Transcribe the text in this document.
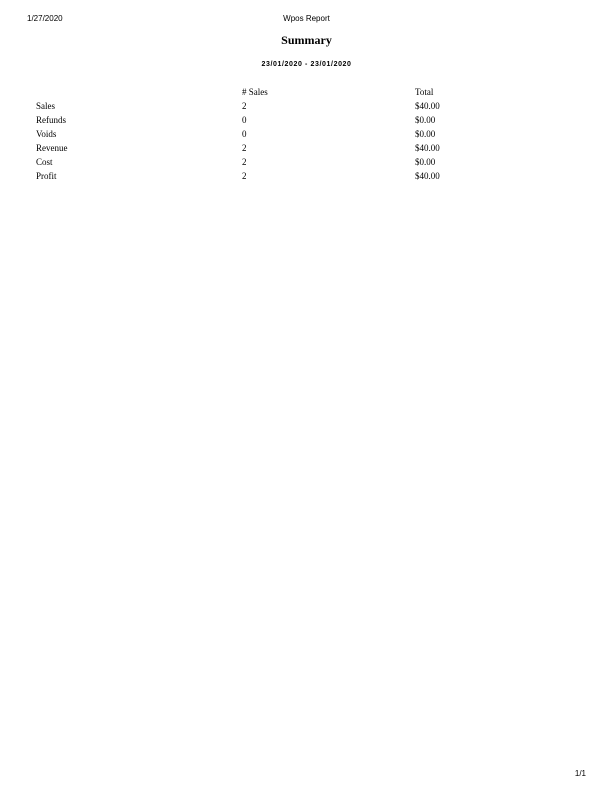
1/27/2020	Wpos Report
Summary
23/01/2020 - 23/01/2020
	# Sales	Total
Sales	2	$40.00
Refunds	0	$0.00
Voids	0	$0.00
Revenue	2	$40.00
Cost	2	$0.00
Profit	2	$40.00
1/1
